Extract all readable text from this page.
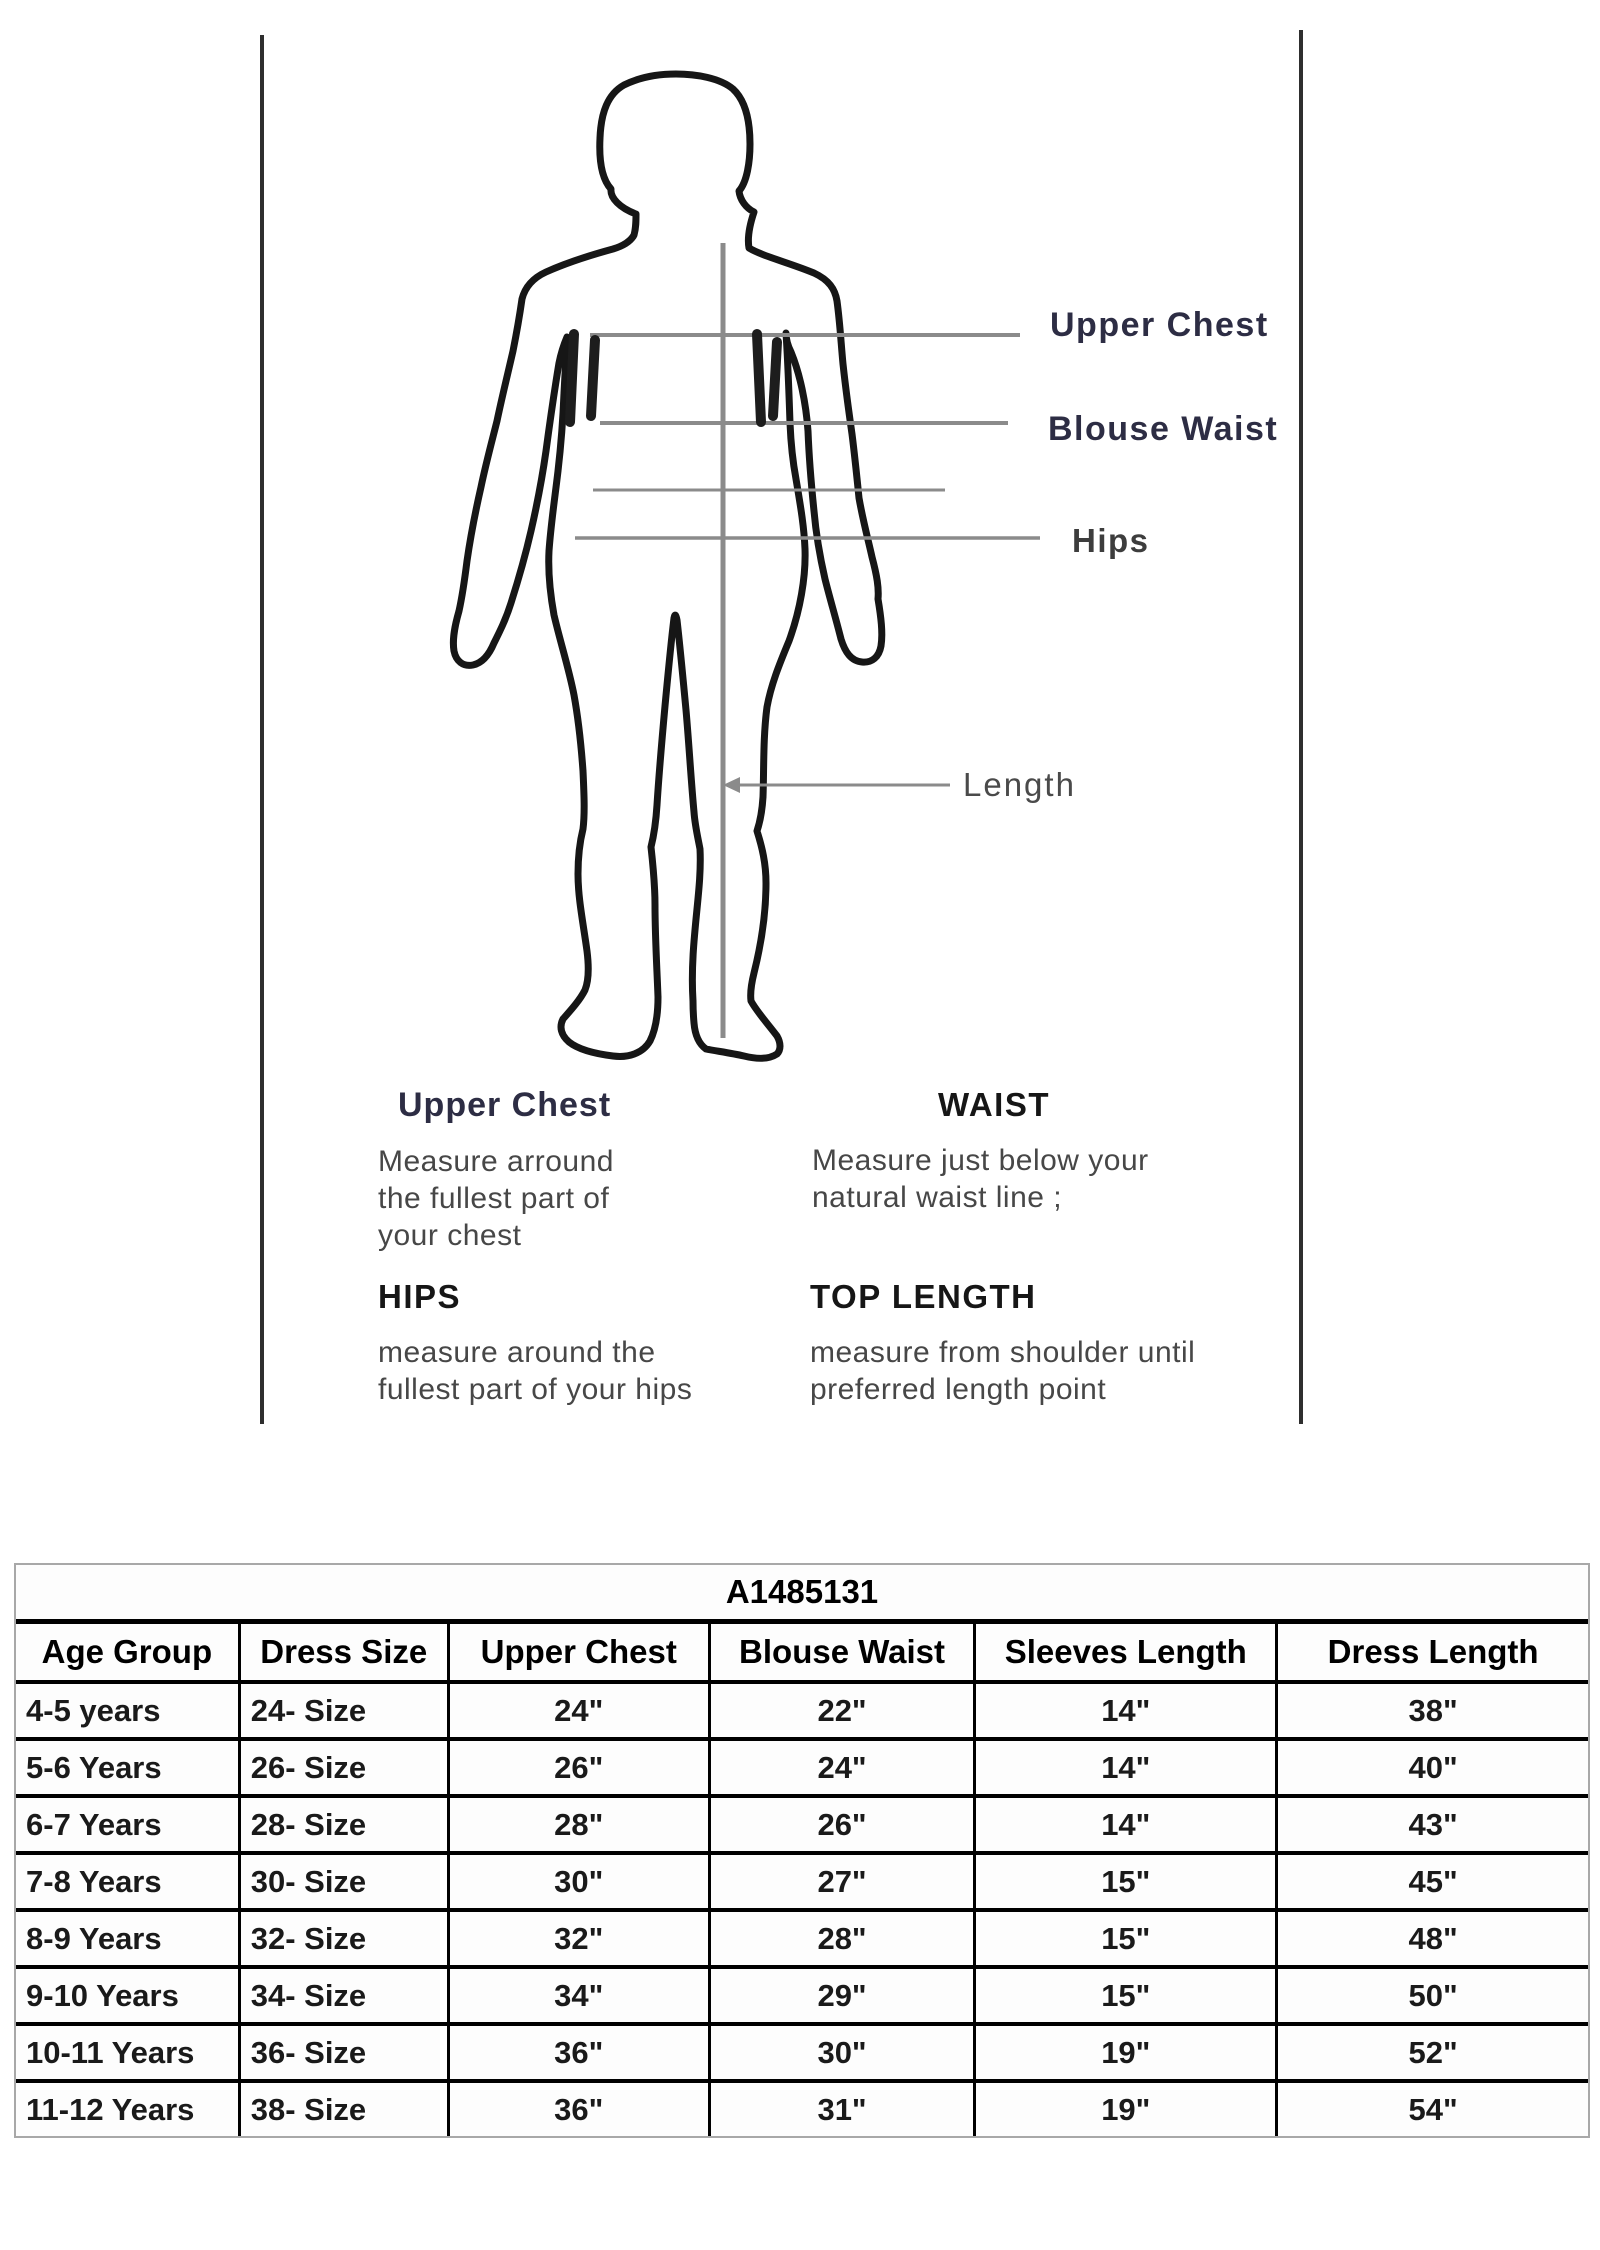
Upper Chest
Blouse Waist
Hips
Length
Upper Chest
Measure arround
the fullest part of
your chest
WAIST
Measure just below your
natural waist line ;
HIPS
measure around the
fullest part of your hips
TOP LENGTH
measure from shoulder until
preferred length point
A1485131
Age Group	Dress Size	Upper Chest	Blouse Waist	Sleeves Length	Dress Length
4-5 years	24- Size	24"	22"	14"	38"
5-6 Years	26- Size	26"	24"	14"	40"
6-7 Years	28- Size	28"	26"	14"	43"
7-8 Years	30- Size	30"	27"	15"	45"
8-9 Years	32- Size	32"	28"	15"	48"
9-10 Years	34- Size	34"	29"	15"	50"
10-11 Years	36- Size	36"	30"	19"	52"
11-12 Years	38- Size	36"	31"	19"	54"
